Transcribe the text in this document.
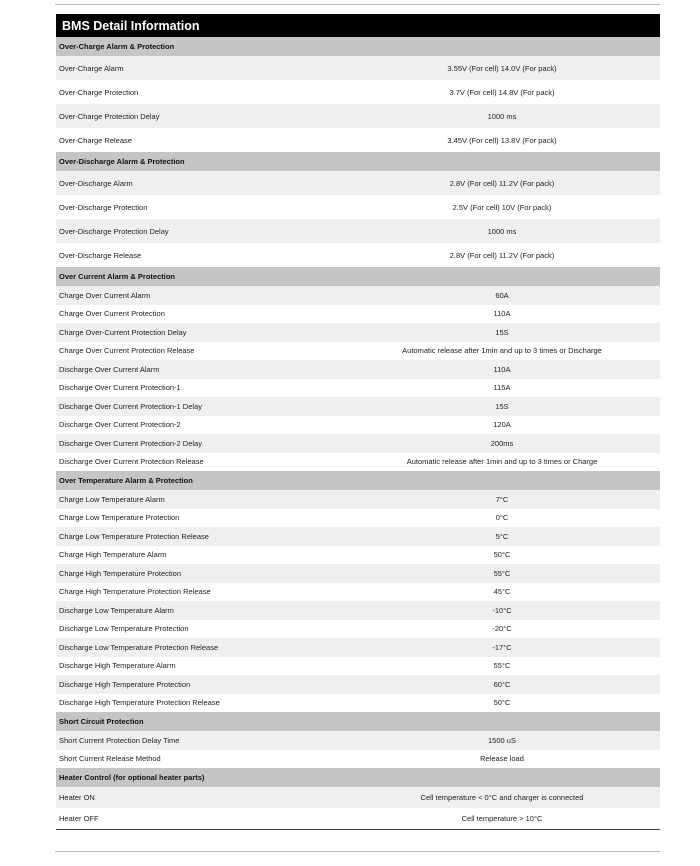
BMS Detail Information
Over-Charge Alarm & Protection
Over-Charge Alarm	3.55V (For cell) 14.0V (For pack)
Over-Charge Protection	3.7V (For cell) 14.8V (For pack)
Over-Charge Protection Delay	1000 ms
Over-Charge Release	3.45V (For cell) 13.8V (For pack)
Over-Discharge Alarm & Protection
Over-Discharge Alarm	2.8V (For cell) 11.2V (For pack)
Over-Discharge Protection	2.5V (For cell) 10V (For pack)
Over-Discharge Protection Delay	1000 ms
Over-Discharge Release	2.8V (For cell) 11.2V (For pack)
Over Current Alarm & Protection
Charge Over Current Alarm	60A
Charge Over Current Protection	110A
Charge Over-Current Protection Delay	15S
Charge Over Current Protection Release	Automatic release after 1min and up to 3 times or Discharge
Discharge Over Current Alarm	110A
Discharge Over Current Protection-1	115A
Discharge Over Current Protection-1 Delay	15S
Discharge Over Current Protection-2	120A
Discharge Over Current Protection-2 Delay	200ms
Discharge Over Current Protection Release	Automatic release after 1min and up to 3 times or Charge
Over Temperature Alarm & Protection
Charge Low Temperature Alarm	7°C
Charge Low Temperature Protection	0°C
Charge Low Temperature Protection Release	5°C
Charge High Temperature Alarm	50°C
Charge High Temperature Protection	55°C
Charge High Temperature Protection Release	45°C
Discharge Low Temperature Alarm	-10°C
Discharge Low Temperature Protection	-20°C
Discharge Low Temperature Protection Release	-17°C
Discharge High Temperature Alarm	55°C
Discharge High Temperature Protection	60°C
Discharge High Temperature Protection Release	50°C
Short Circuit Protection
Short Current Protection Delay Time	1500 uS
Short Current Release Method	Release load
Heater Control (for optional heater parts)
Heater ON	Cell temperature < 0°C and charger is connected
Heater OFF	Cell temperature > 10°C
